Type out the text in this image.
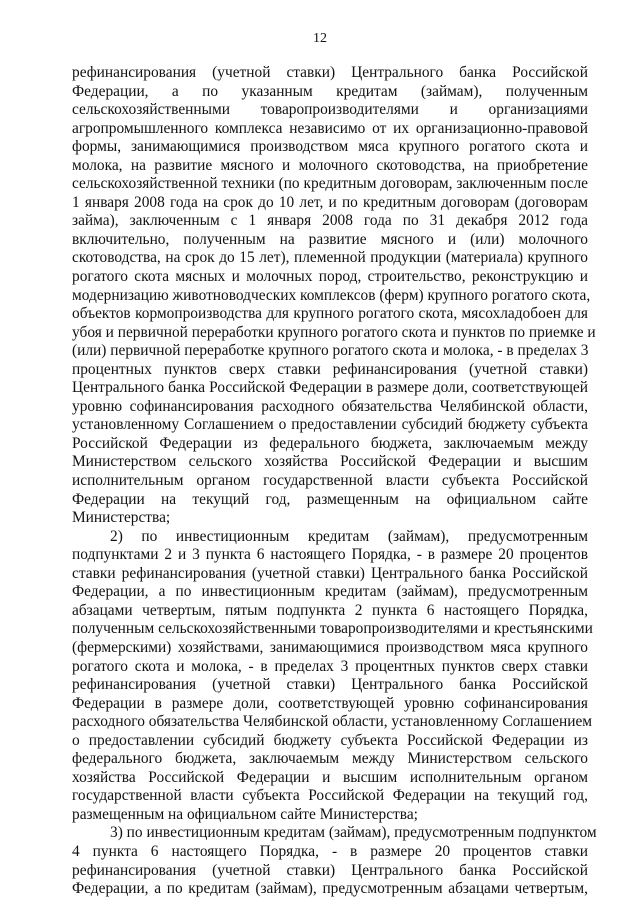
12
рефинансирования (учетной ставки) Центрального банка Российской
Федерации, а по указанным кредитам (займам), полученным
сельскохозяйственными товаропроизводителями и организациями
агропромышленного комплекса независимо от их организационно-правовой
формы, занимающимися производством мяса крупного рогатого скота и
молока, на развитие мясного и молочного скотоводства, на приобретение
сельскохозяйственной техники (по кредитным договорам, заключенным после
1 января 2008 года на срок до 10 лет, и по кредитным договорам (договорам
займа), заключенным с 1 января 2008 года по 31 декабря 2012 года
включительно, полученным на развитие мясного и (или) молочного
скотоводства, на срок до 15 лет), племенной продукции (материала) крупного
рогатого скота мясных и молочных пород, строительство, реконструкцию и
модернизацию животноводческих комплексов (ферм) крупного рогатого скота,
объектов кормопроизводства для крупного рогатого скота, мясохладобоен для
убоя и первичной переработки крупного рогатого скота и пунктов по приемке и
(или) первичной переработке крупного рогатого скота и молока, - в пределах 3
процентных пунктов сверх ставки рефинансирования (учетной ставки)
Центрального банка Российской Федерации в размере доли, соответствующей
уровню софинансирования расходного обязательства Челябинской области,
установленному Соглашением о предоставлении субсидий бюджету субъекта
Российской Федерации из федерального бюджета, заключаемым между
Министерством сельского хозяйства Российской Федерации и высшим
исполнительным органом государственной власти субъекта Российской
Федерации на текущий год, размещенным на официальном сайте
Министерства;
2) по инвестиционным кредитам (займам), предусмотренным
подпунктами 2 и 3 пункта 6 настоящего Порядка, - в размере 20 процентов
ставки рефинансирования (учетной ставки) Центрального банка Российской
Федерации, а по инвестиционным кредитам (займам), предусмотренным
абзацами четвертым, пятым подпункта 2 пункта 6 настоящего Порядка,
полученным сельскохозяйственными товаропроизводителями и крестьянскими
(фермерскими) хозяйствами, занимающимися производством мяса крупного
рогатого скота и молока, - в пределах 3 процентных пунктов сверх ставки
рефинансирования (учетной ставки) Центрального банка Российской
Федерации в размере доли, соответствующей уровню софинансирования
расходного обязательства Челябинской области, установленному Соглашением
о предоставлении субсидий бюджету субъекта Российской Федерации из
федерального бюджета, заключаемым между Министерством сельского
хозяйства Российской Федерации и высшим исполнительным органом
государственной власти субъекта Российской Федерации на текущий год,
размещенным на официальном сайте Министерства;
3) по инвестиционным кредитам (займам), предусмотренным подпунктом
4 пункта 6 настоящего Порядка, - в размере 20 процентов ставки
рефинансирования (учетной ставки) Центрального банка Российской
Федерации, а по кредитам (займам), предусмотренным абзацами четвертым,
